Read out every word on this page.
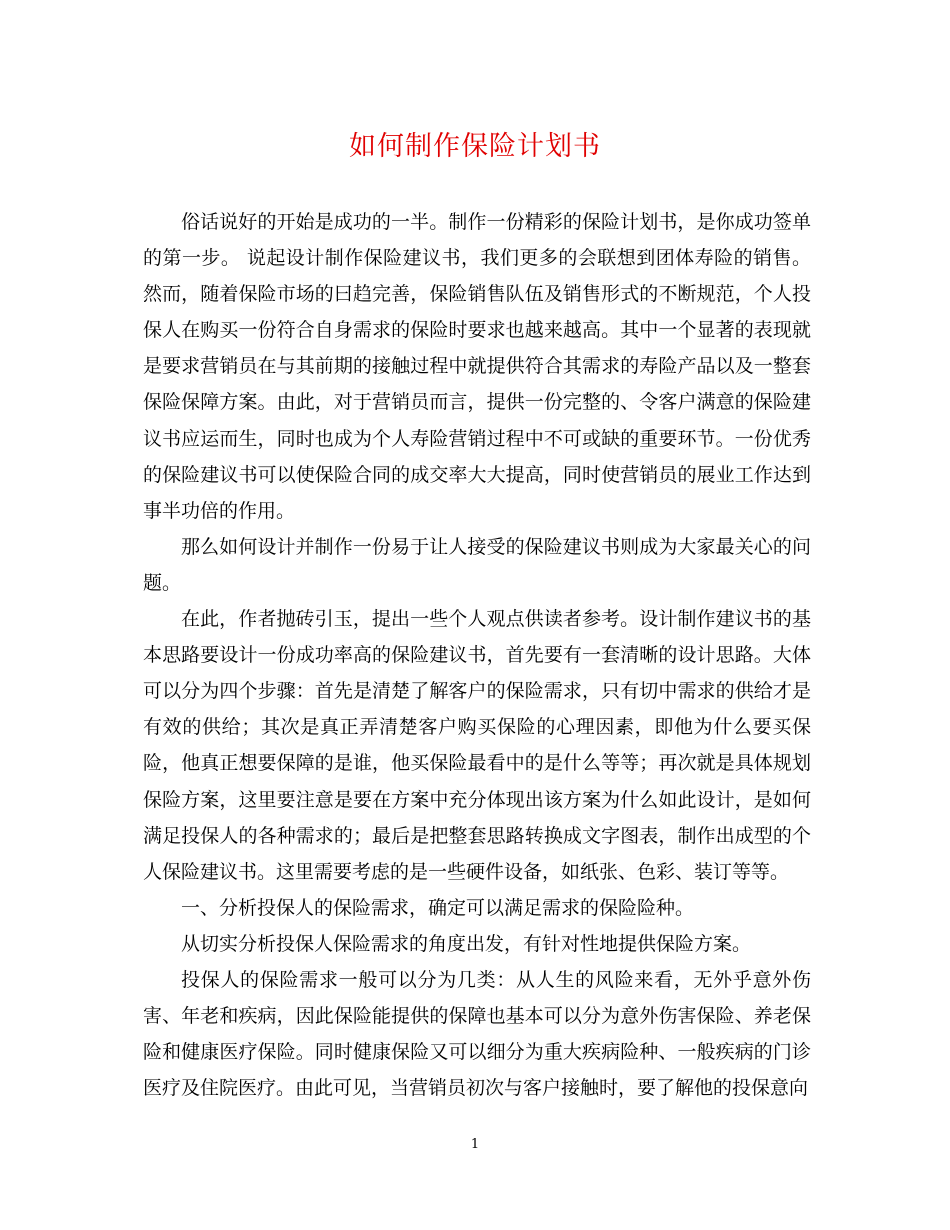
如何制作保险计划书

俗话说好的开始是成功的一半。制作一份精彩的保险计划书，是你成功签单的第一步。 说起设计制作保险建议书，我们更多的会联想到团体寿险的销售。然而，随着保险市场的曰趋完善，保险销售队伍及销售形式的不断规范，个人投保人在购买一份符合自身需求的保险时要求也越来越高。其中一个显著的表现就是要求营销员在与其前期的接触过程中就提供符合其需求的寿险产品以及一整套保险保障方案。由此，对于营销员而言，提供一份完整的、令客户满意的保险建议书应运而生，同时也成为个人寿险营销过程中不可或缺的重要环节。一份优秀的保险建议书可以使保险合同的成交率大大提高，同时使营销员的展业工作达到事半功倍的作用。

那么如何设计并制作一份易于让人接受的保险建议书则成为大家最关心的问题。

在此，作者抛砖引玉，提出一些个人观点供读者参考。设计制作建议书的基本思路要设计一份成功率高的保险建议书，首先要有一套清晰的设计思路。大体可以分为四个步骤：首先是清楚了解客户的保险需求，只有切中需求的供给才是有效的供给；其次是真正弄清楚客户购买保险的心理因素，即他为什么要买保险，他真正想要保障的是谁，他买保险最看中的是什么等等；再次就是具体规划保险方案，这里要注意是要在方案中充分体现出该方案为什么如此设计，是如何满足投保人的各种需求的；最后是把整套思路转换成文字图表，制作出成型的个人保险建议书。这里需要考虑的是一些硬件设备，如纸张、色彩、装订等等。

一、分析投保人的保险需求，确定可以满足需求的保险险种。

从切实分析投保人保险需求的角度出发，有针对性地提供保险方案。

投保人的保险需求一般可以分为几类：从人生的风险来看，无外乎意外伤害、年老和疾病，因此保险能提供的保障也基本可以分为意外伤害保险、养老保险和健康医疗保险。同时健康保险又可以细分为重大疾病险种、一般疾病的门诊医疗及住院医疗。由此可见，当营销员初次与客户接触时，要了解他的投保意向

1
